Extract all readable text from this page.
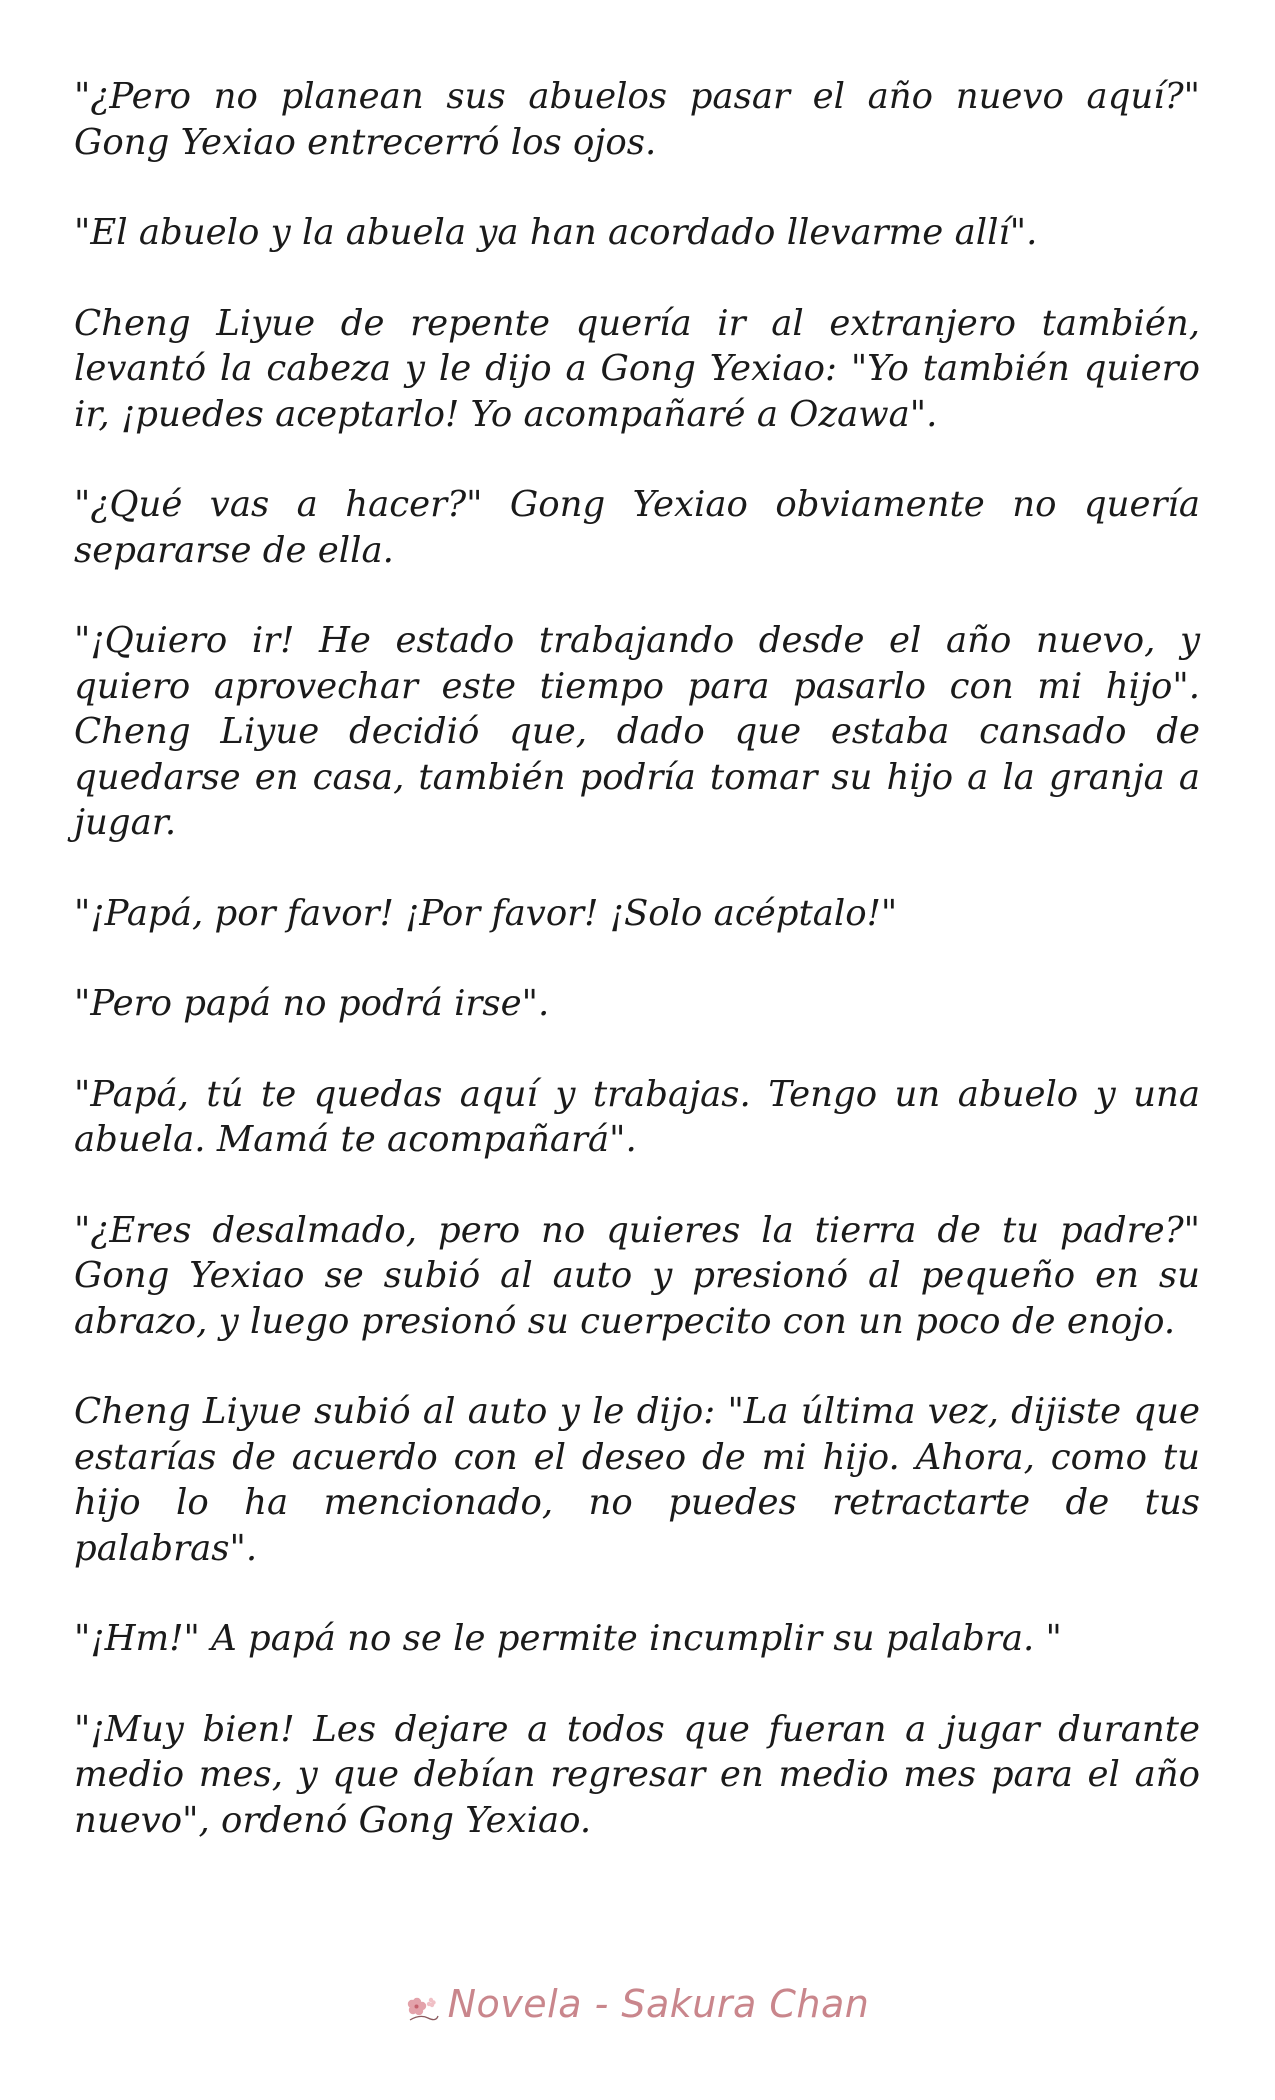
"¿Pero no planean sus abuelos pasar el año nuevo aquí?" Gong Yexiao entrecerró los ojos.

"El abuelo y la abuela ya han acordado llevarme allí".

Cheng Liyue de repente quería ir al extranjero también, levantó la cabeza y le dijo a Gong Yexiao: "Yo también quiero ir, ¡puedes aceptarlo! Yo acompañaré a Ozawa".

"¿Qué vas a hacer?" Gong Yexiao obviamente no quería separarse de ella.

"¡Quiero ir! He estado trabajando desde el año nuevo, y quiero aprovechar este tiempo para pasarlo con mi hijo". Cheng Liyue decidió que, dado que estaba cansado de quedarse en casa, también podría tomar su hijo a la granja a jugar.

"¡Papá, por favor! ¡Por favor! ¡Solo acéptalo!"

"Pero papá no podrá irse".

"Papá, tú te quedas aquí y trabajas. Tengo un abuelo y una abuela. Mamá te acompañará".

"¿Eres desalmado, pero no quieres la tierra de tu padre?" Gong Yexiao se subió al auto y presionó al pequeño en su abrazo, y luego presionó su cuerpecito con un poco de enojo.

Cheng Liyue subió al auto y le dijo: "La última vez, dijiste que estarías de acuerdo con el deseo de mi hijo. Ahora, como tu hijo lo ha mencionado, no puedes retractarte de tus palabras".

"¡Hm!" A papá no se le permite incumplir su palabra. "

"¡Muy bien! Les dejare a todos que fueran a jugar durante medio mes, y que debían regresar en medio mes para el año nuevo", ordenó Gong Yexiao.

Novela - Sakura Chan
